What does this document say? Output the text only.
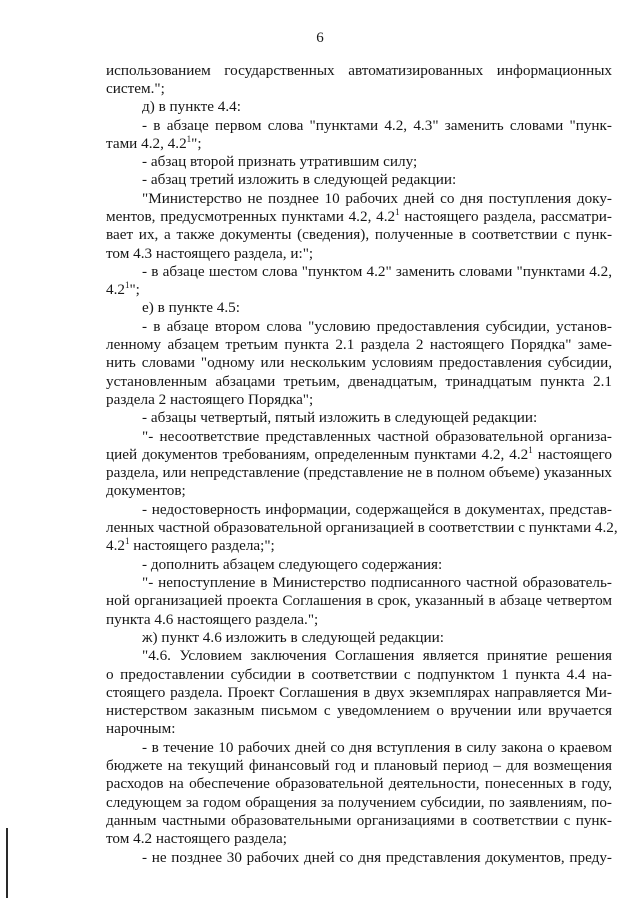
6
использованием государственных автоматизированных информационных
систем.";
д) в пункте 4.4:
- в абзаце первом слова "пунктами 4.2, 4.3" заменить словами "пунк-
тами 4.2, $4.2^1$";
- абзац второй признать утратившим силу;
- абзац третий изложить в следующей редакции:
"Министерство не позднее 10 рабочих дней со дня поступления доку-
ментов, предусмотренных пунктами 4.2, $4.2^1$ настоящего раздела, рассматри-
вает их, а также документы (сведения), полученные в соответствии с пунк-
том 4.3 настоящего раздела, и:";
- в абзаце шестом слова "пунктом 4.2" заменить словами "пунктами 4.2,
$4.2^1$";
е) в пункте 4.5:
- в абзаце втором слова "условию предоставления субсидии, установ-
ленному абзацем третьим пункта 2.1 раздела 2 настоящего Порядка" заме-
нить словами "одному или нескольким условиям предоставления субсидии,
установленным абзацами третьим, двенадцатым, тринадцатым пункта 2.1
раздела 2 настоящего Порядка";
- абзацы четвертый, пятый изложить в следующей редакции:
"- несоответствие представленных частной образовательной организа-
цией документов требованиям, определенным пунктами 4.2, $4.2^1$ настоящего
раздела, или непредставление (представление не в полном объеме) указанных
документов;
- недостоверность информации, содержащейся в документах, представ-
ленных частной образовательной организацией в соответствии с пунктами 4.2,
$4.2^1$ настоящего раздела;";
- дополнить абзацем следующего содержания:
"- непоступление в Министерство подписанного частной образователь-
ной организацией проекта Соглашения в срок, указанный в абзаце четвертом
пункта 4.6 настоящего раздела.";
ж) пункт 4.6 изложить в следующей редакции:
"4.6. Условием заключения Соглашения является принятие решения
о предоставлении субсидии в соответствии с подпунктом 1 пункта 4.4 на-
стоящего раздела. Проект Соглашения в двух экземплярах направляется Ми-
нистерством заказным письмом с уведомлением о вручении или вручается
нарочным:
- в течение 10 рабочих дней со дня вступления в силу закона о краевом
бюджете на текущий финансовый год и плановый период – для возмещения
расходов на обеспечение образовательной деятельности, понесенных в году,
следующем за годом обращения за получением субсидии, по заявлениям, по-
данным частными образовательными организациями в соответствии с пунк-
том 4.2 настоящего раздела;
- не позднее 30 рабочих дней со дня представления документов, преду-
